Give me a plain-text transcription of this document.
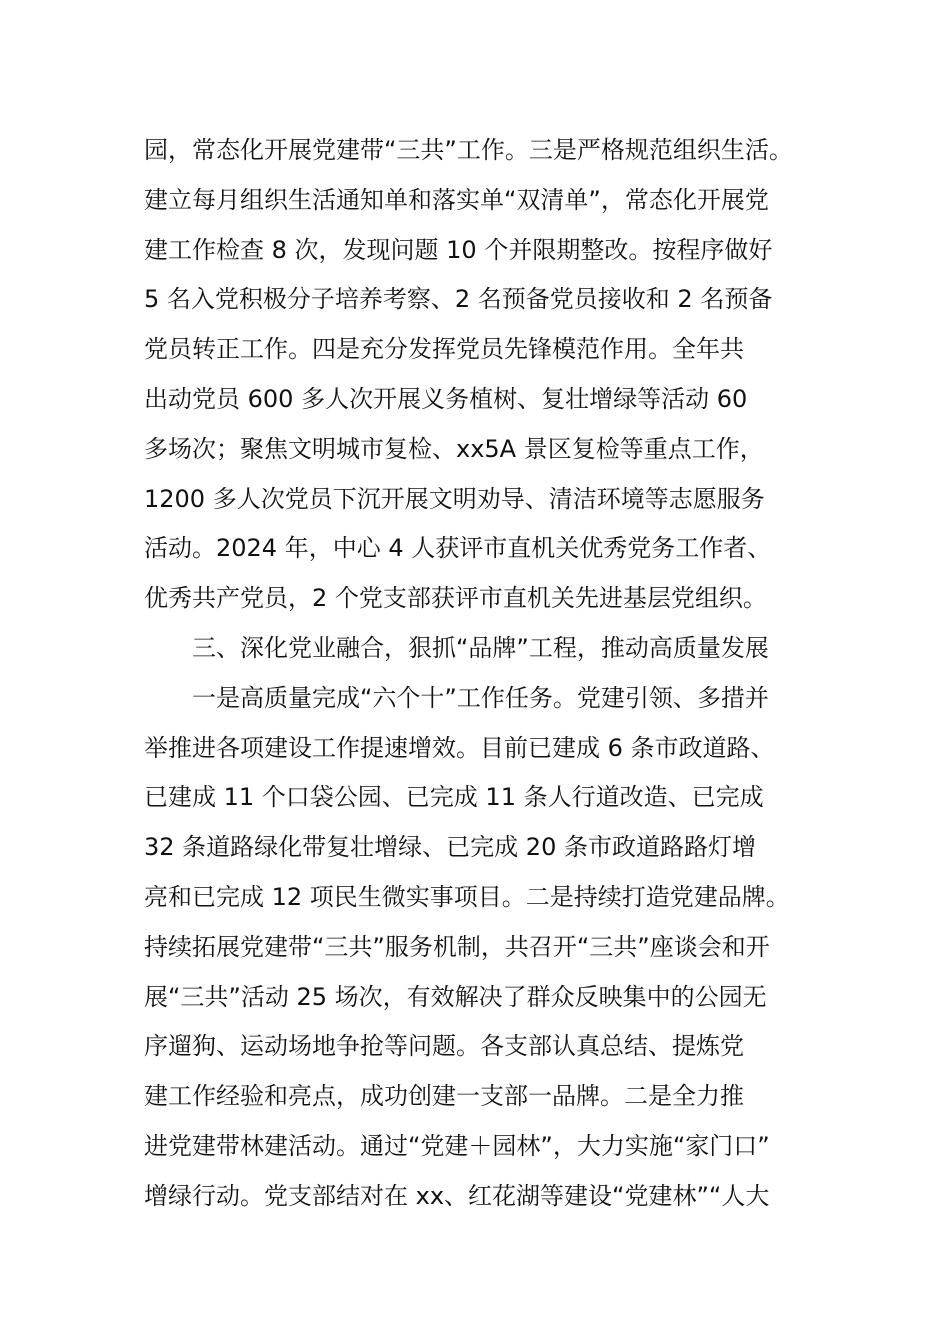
园，常态化开展党建带“三共”工作。三是严格规范组织生活。
建立每月组织生活通知单和落实单“双清单”，常态化开展党
建工作检查 8 次，发现问题 10 个并限期整改。按程序做好
5 名入党积极分子培养考察、2 名预备党员接收和 2 名预备
党员转正工作。四是充分发挥党员先锋模范作用。全年共
出动党员 600 多人次开展义务植树、复壮增绿等活动 60
多场次；聚焦文明城市复检、xx5A 景区复检等重点工作，
1200 多人次党员下沉开展文明劝导、清洁环境等志愿服务
活动。2024 年，中心 4 人获评市直机关优秀党务工作者、
优秀共产党员，2 个党支部获评市直机关先进基层党组织。
三、深化党业融合，狠抓“品牌”工程，推动高质量发展
一是高质量完成“六个十”工作任务。党建引领、多措并
举推进各项建设工作提速增效。目前已建成 6 条市政道路、
已建成 11 个口袋公园、已完成 11 条人行道改造、已完成
32 条道路绿化带复壮增绿、已完成 20 条市政道路路灯增
亮和已完成 12 项民生微实事项目。二是持续打造党建品牌。
持续拓展党建带“三共”服务机制，共召开“三共”座谈会和开
展“三共”活动 25 场次，有效解决了群众反映集中的公园无
序遛狗、运动场地争抢等问题。各支部认真总结、提炼党
建工作经验和亮点，成功创建一支部一品牌。二是全力推
进党建带林建活动。通过“党建＋园林”，大力实施“家门口”
增绿行动。党支部结对在 xx、红花湖等建设“党建林”“人大
